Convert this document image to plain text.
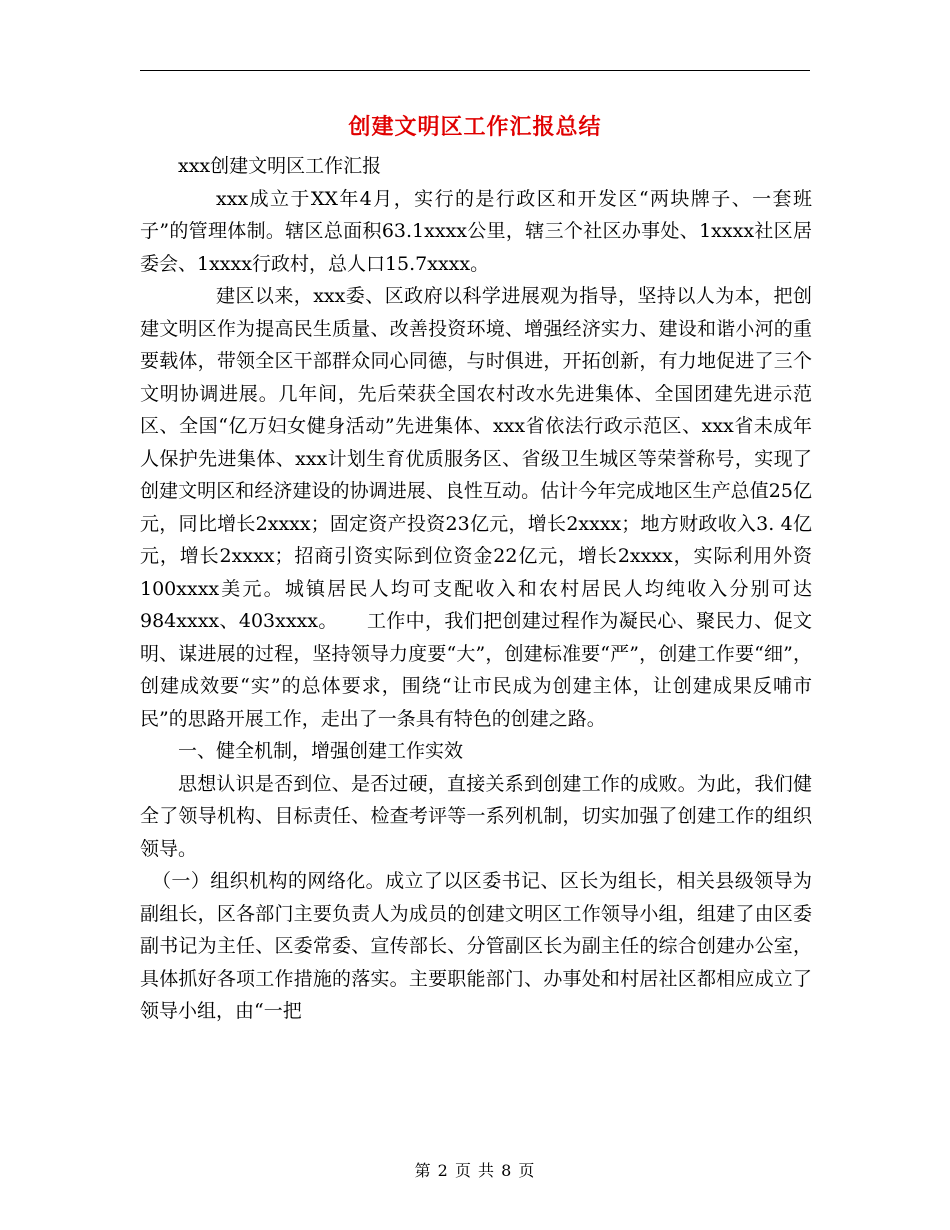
创建文明区工作汇报总结

xxx创建文明区工作汇报

xxx成立于XX年4月，实行的是行政区和开发区“两块牌子、一套班子”的管理体制。辖区总面积63.1xxxx公里，辖三个社区办事处、1xxxx社区居委会、1xxxx行政村，总人口15.7xxxx。

建区以来，xxx委、区政府以科学进展观为指导，坚持以人为本，把创建文明区作为提高民生质量、改善投资环境、增强经济实力、建设和谐小河的重要载体，带领全区干部群众同心同德，与时俱进，开拓创新，有力地促进了三个文明协调进展。几年间，先后荣获全国农村改水先进集体、全国团建先进示范区、全国“亿万妇女健身活动”先进集体、xxx省依法行政示范区、xxx省未成年人保护先进集体、xxx计划生育优质服务区、省级卫生城区等荣誉称号，实现了创建文明区和经济建设的协调进展、良性互动。估计今年完成地区生产总值25亿元，同比增长2xxxx；固定资产投资23亿元，增长2xxxx；地方财政收入3. 4亿元，增长2xxxx；招商引资实际到位资金22亿元，增长2xxxx，实际利用外资100xxxx美元。城镇居民人均可支配收入和农村居民人均纯收入分别可达984xxxx、403xxxx。　　工作中，我们把创建过程作为凝民心、聚民力、促文明、谋进展的过程，坚持领导力度要“大”，创建标准要“严”，创建工作要“细”，创建成效要“实”的总体要求，围绕“让市民成为创建主体，让创建成果反哺市民”的思路开展工作，走出了一条具有特色的创建之路。

一、健全机制，增强创建工作实效

思想认识是否到位、是否过硬，直接关系到创建工作的成败。为此，我们健全了领导机构、目标责任、检查考评等一系列机制，切实加强了创建工作的组织领导。

（一）组织机构的网络化。成立了以区委书记、区长为组长，相关县级领导为副组长，区各部门主要负责人为成员的创建文明区工作领导小组，组建了由区委副书记为主任、区委常委、宣传部长、分管副区长为副主任的综合创建办公室，具体抓好各项工作措施的落实。主要职能部门、办事处和村居社区都相应成立了领导小组，由“一把

第 2 页 共 8 页
